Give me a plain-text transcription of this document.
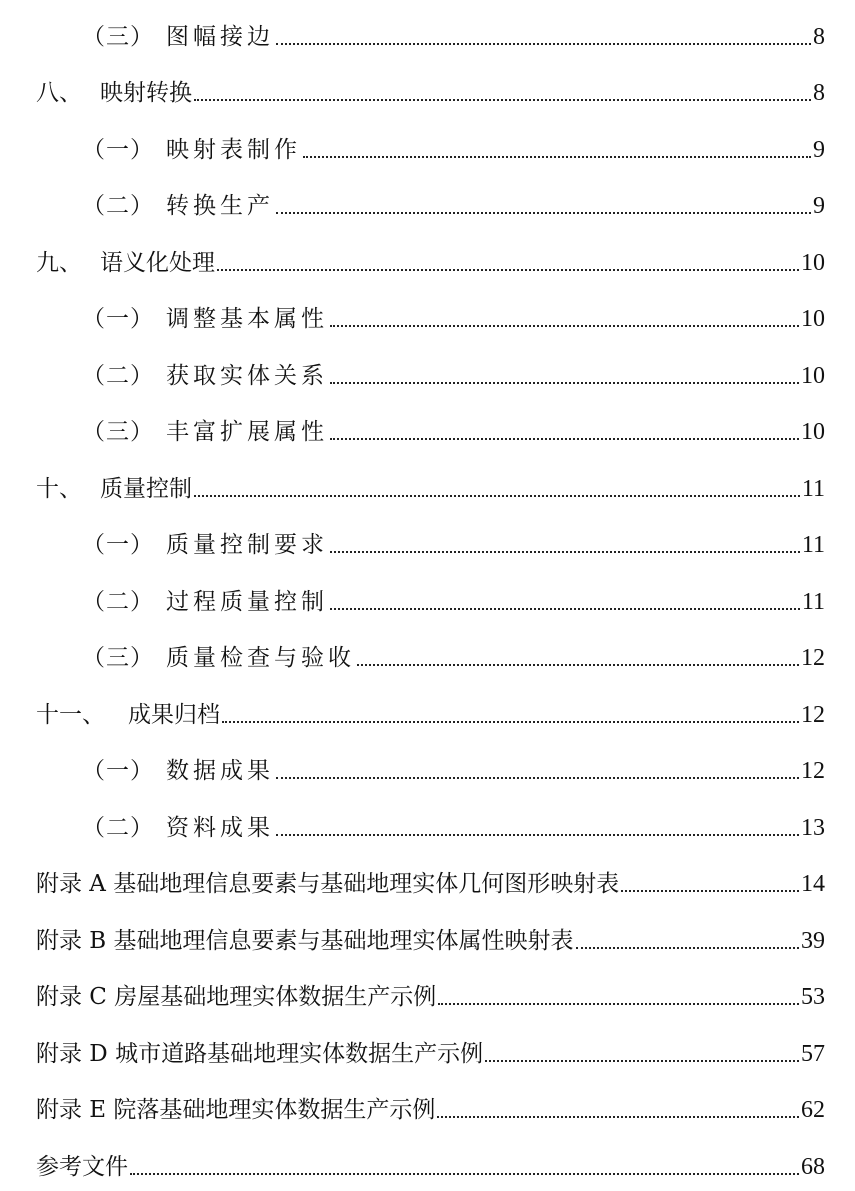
（三） 图幅接边	8
八、 映射转换	8
（一） 映射表制作	9
（二） 转换生产	9
九、 语义化处理	10
（一） 调整基本属性	10
（二） 获取实体关系	10
（三） 丰富扩展属性	10
十、 质量控制	11
（一） 质量控制要求	11
（二） 过程质量控制	11
（三） 质量检查与验收	12
十一、	成果归档	12
（一） 数据成果	12
（二） 资料成果	13
附录 A 基础地理信息要素与基础地理实体几何图形映射表	14
附录 B 基础地理信息要素与基础地理实体属性映射表	39
附录 C 房屋基础地理实体数据生产示例	53
附录 D 城市道路基础地理实体数据生产示例	57
附录 E 院落基础地理实体数据生产示例	62
参考文件	68
